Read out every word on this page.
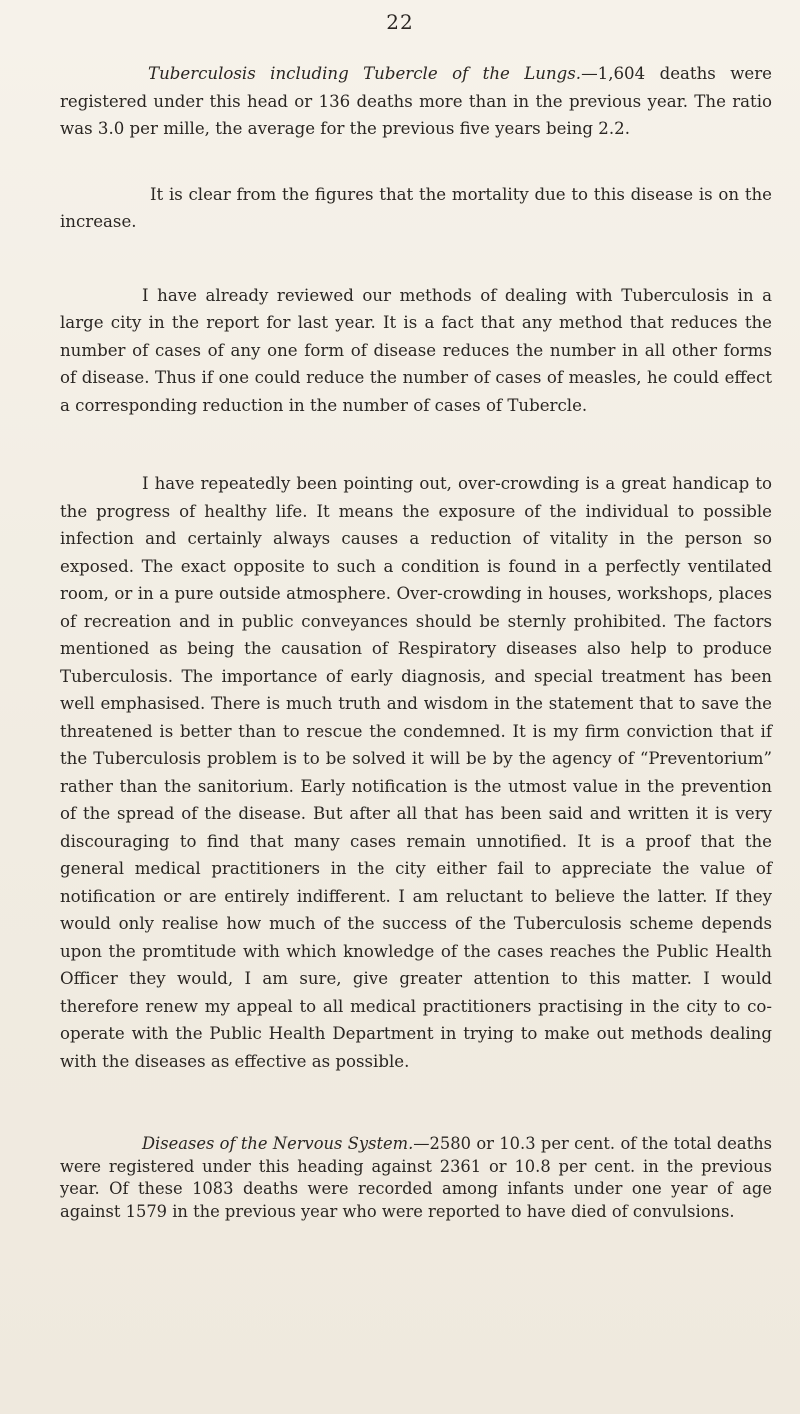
22

Tuberculosis including Tubercle of the Lungs.—1,604 deaths were registered under this head or 136 deaths more than in the previous year. The ratio was 3.0 per mille, the average for the previous five years being 2.2.

It is clear from the figures that the mortality due to this disease is on the increase.

I have already reviewed our methods of dealing with Tuberculosis in a large city in the report for last year. It is a fact that any method that reduces the number of cases of any one form of disease reduces the number in all other forms of disease. Thus if one could reduce the number of cases of measles, he could effect a corresponding reduction in the number of cases of Tubercle.

I have repeatedly been pointing out, over-crowding is a great handicap to the progress of healthy life. It means the exposure of the individual to possible infection and certainly always causes a reduction of vitality in the person so exposed. The exact opposite to such a condition is found in a perfectly ventilated room, or in a pure outside atmosphere. Over-crowding in houses, workshops, places of recreation and in public conveyances should be sternly prohibited. The factors mentioned as being the causation of Respiratory diseases also help to produce Tuberculosis. The importance of early diagnosis, and special treatment has been well emphasised. There is much truth and wisdom in the statement that to save the threatened is better than to rescue the condemned. It is my firm conviction that if the Tuberculosis problem is to be solved it will be by the agency of “Preventorium” rather than the sanitorium. Early notification is the utmost value in the prevention of the spread of the disease. But after all that has been said and written it is very discouraging to find that many cases remain unnotified. It is a proof that the general medical practitioners in the city either fail to appreciate the value of notification or are entirely indifferent. I am reluctant to believe the latter. If they would only realise how much of the success of the Tuberculosis scheme depends upon the promtitude with which knowledge of the cases reaches the Public Health Officer they would, I am sure, give greater attention to this matter. I would therefore renew my appeal to all medical practitioners practising in the city to co-operate with the Public Health Department in trying to make out methods dealing with the diseases as effective as possible.

Diseases of the Nervous System.—2580 or 10.3 per cent. of the total deaths were registered under this heading against 2361 or 10.8 per cent. in the previous year. Of these 1083 deaths were recorded among infants under one year of age against 1579 in the previous year who were reported to have died of convulsions.
